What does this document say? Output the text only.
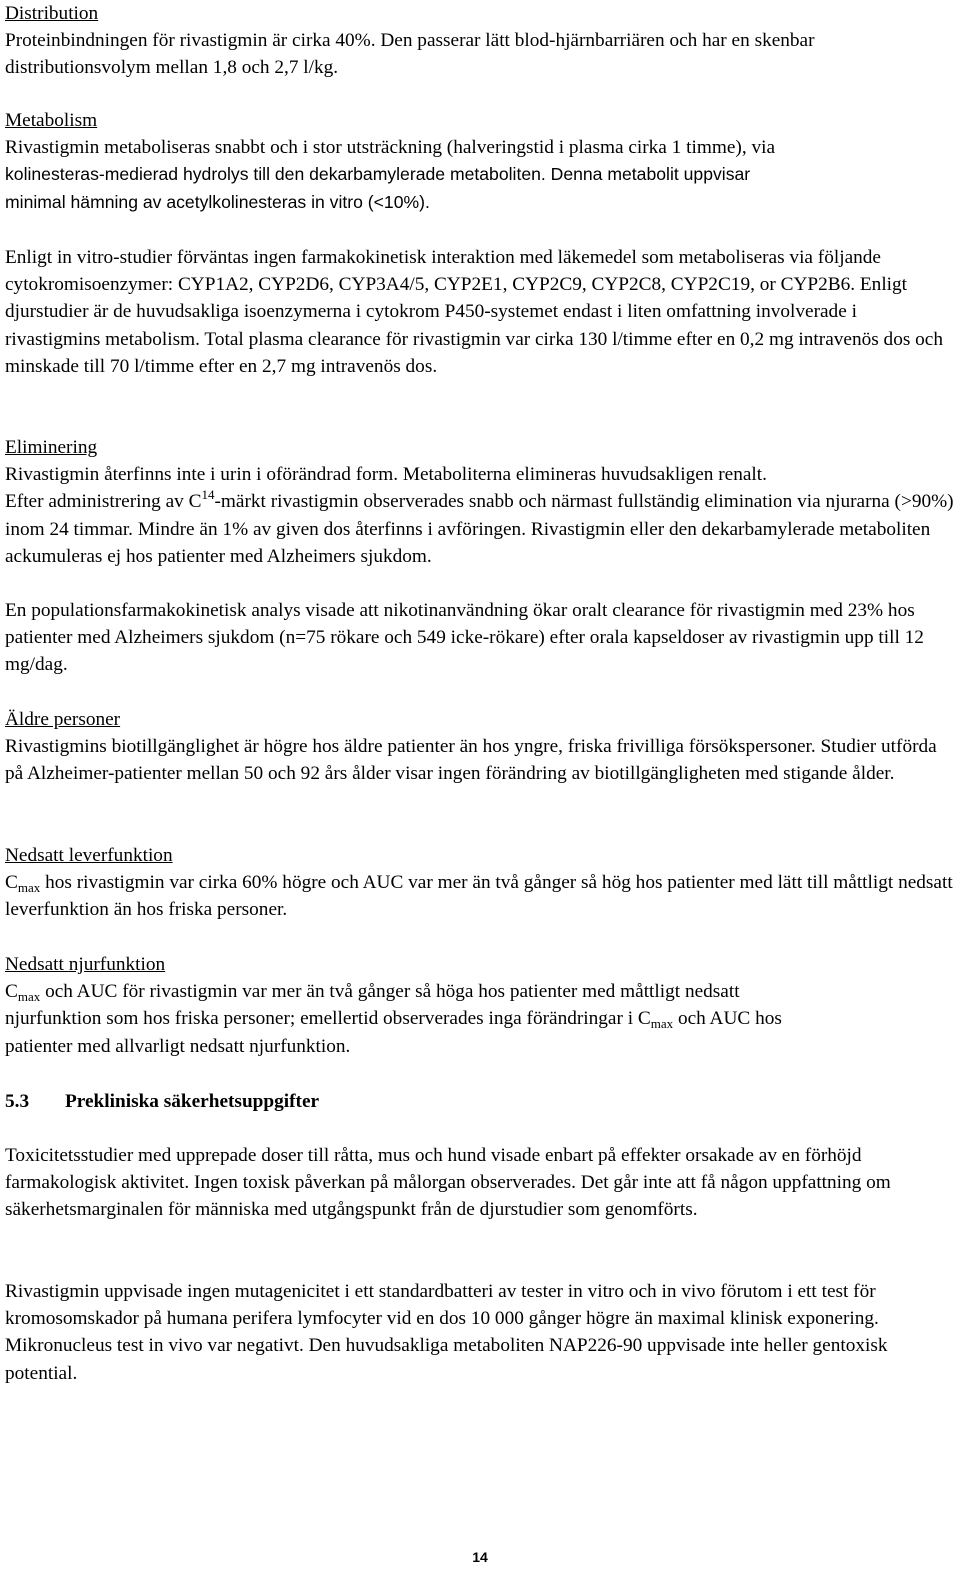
Distribution

Proteinbindningen för rivastigmin är cirka 40%. Den passerar lätt blod-hjärnbarriären och har en skenbar distributionsvolym mellan 1,8 och 2,7 l/kg.

Metabolism

Rivastigmin metaboliseras snabbt och i stor utsträckning (halveringstid i plasma cirka 1 timme), via
kolinesteras-medierad hydrolys till den dekarbamylerade metaboliten. Denna metabolit uppvisar
minimal hämning av acetylkolinesteras in vitro (<10%).

Enligt in vitro-studier förväntas ingen farmakokinetisk interaktion med läkemedel som metaboliseras via följande cytokromisoenzymer: CYP1A2, CYP2D6, CYP3A4/5, CYP2E1, CYP2C9, CYP2C8, CYP2C19, or CYP2B6. Enligt djurstudier är de huvudsakliga isoenzymerna i cytokrom P450-systemet endast i liten omfattning involverade i rivastigmins metabolism. Total plasma clearance för rivastigmin var cirka 130 l/timme efter en 0,2 mg intravenös dos och minskade till 70 l/timme efter en 2,7 mg intravenös dos.

Eliminering

Rivastigmin återfinns inte i urin i oförändrad form. Metaboliterna elimineras huvudsakligen renalt.
Efter administrering av $C^{14}$-märkt rivastigmin observerades snabb och närmast fullständig elimination via njurarna (>90%) inom 24 timmar. Mindre än 1% av given dos återfinns i avföringen. Rivastigmin eller den dekarbamylerade metaboliten ackumuleras ej hos patienter med Alzheimers sjukdom.

En populationsfarmakokinetisk analys visade att nikotinanvändning ökar oralt clearance för rivastigmin med 23% hos patienter med Alzheimers sjukdom (n=75 rökare och 549 icke-rökare) efter orala kapseldoser av rivastigmin upp till 12 mg/dag.

Äldre personer

Rivastigmins biotillgänglighet är högre hos äldre patienter än hos yngre, friska frivilliga försökspersoner. Studier utförda på Alzheimer-patienter mellan 50 och 92 års ålder visar ingen förändring av biotillgängligheten med stigande ålder.

Nedsatt leverfunktion

$C_{max}$ hos rivastigmin var cirka 60% högre och AUC var mer än två gånger så hög hos patienter med lätt till måttligt nedsatt leverfunktion än hos friska personer.

Nedsatt njurfunktion

$C_{max}$ och AUC för rivastigmin var mer än två gånger så höga hos patienter med måttligt nedsatt
njurfunktion som hos friska personer; emellertid observerades inga förändringar i $C_{max}$ och AUC hos
patienter med allvarligt nedsatt njurfunktion.

5.3 Prekliniska säkerhetsuppgifter

Toxicitetsstudier med upprepade doser till råtta, mus och hund visade enbart på effekter orsakade av en förhöjd farmakologisk aktivitet. Ingen toxisk påverkan på målorgan observerades. Det går inte att få någon uppfattning om säkerhetsmarginalen för människa med utgångspunkt från de djurstudier som genomförts.

Rivastigmin uppvisade ingen mutagenicitet i ett standardbatteri av tester in vitro och in vivo förutom i ett test för kromosomskador på humana perifera lymfocyter vid en dos 10 000 gånger högre än maximal klinisk exponering. Mikronucleus test in vivo var negativt. Den huvudsakliga metaboliten NAP226-90 uppvisade inte heller gentoxisk potential.

14
